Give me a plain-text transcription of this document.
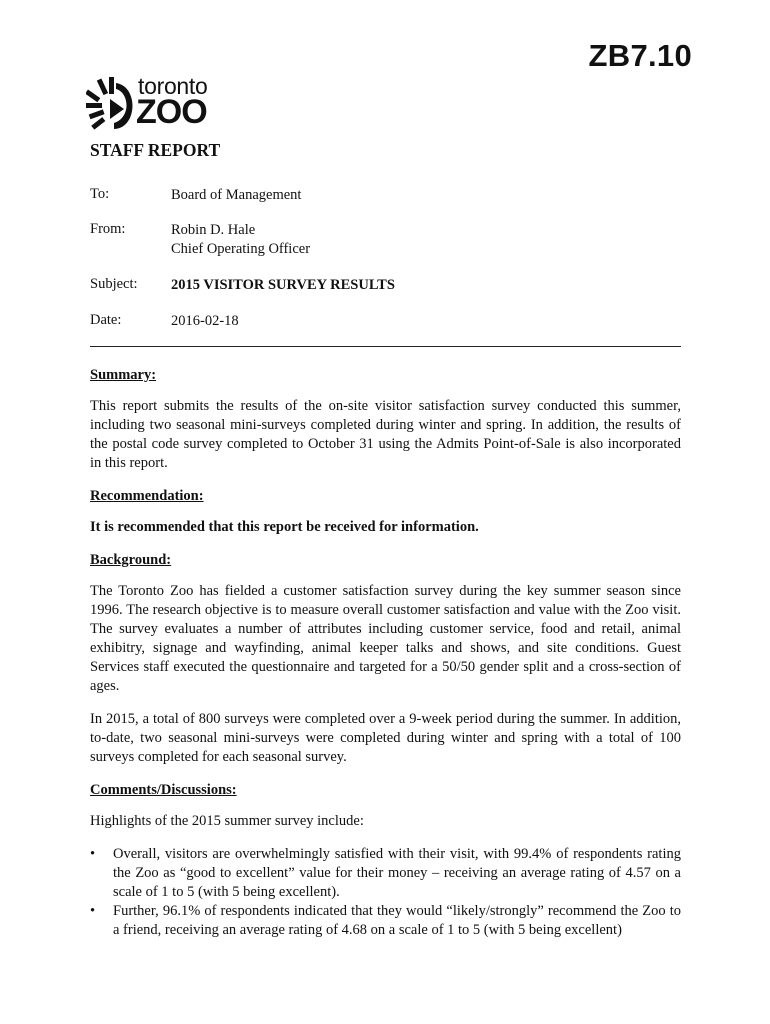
ZB7.10
toronto
ZOO
STAFF REPORT
To:	Board of Management
From:	Robin D. Hale
Chief Operating Officer
Subject: 2015 VISITOR SURVEY RESULTS
Date:	2016-02-18
Summary:
This report submits the results of the on-site visitor satisfaction survey conducted this summer, including two seasonal mini-surveys completed during winter and spring. In addition, the results of the postal code survey completed to October 31 using the Admits Point-of-Sale is also incorporated in this report.
Recommendation:
It is recommended that this report be received for information.
Background:
The Toronto Zoo has fielded a customer satisfaction survey during the key summer season since 1996. The research objective is to measure overall customer satisfaction and value with the Zoo visit. The survey evaluates a number of attributes including customer service, food and retail, animal exhibitry, signage and wayfinding, animal keeper talks and shows, and site conditions. Guest Services staff executed the questionnaire and targeted for a 50/50 gender split and a cross-section of ages.
In 2015, a total of 800 surveys were completed over a 9-week period during the summer. In addition, to-date, two seasonal mini-surveys were completed during winter and spring with a total of 100 surveys completed for each seasonal survey.
Comments/Discussions:
Highlights of the 2015 summer survey include:
• Overall, visitors are overwhelmingly satisfied with their visit, with 99.4% of respondents rating the Zoo as “good to excellent” value for their money – receiving an average rating of 4.57 on a scale of 1 to 5 (with 5 being excellent).
• Further, 96.1% of respondents indicated that they would “likely/strongly” recommend the Zoo to a friend, receiving an average rating of 4.68 on a scale of 1 to 5 (with 5 being excellent)
